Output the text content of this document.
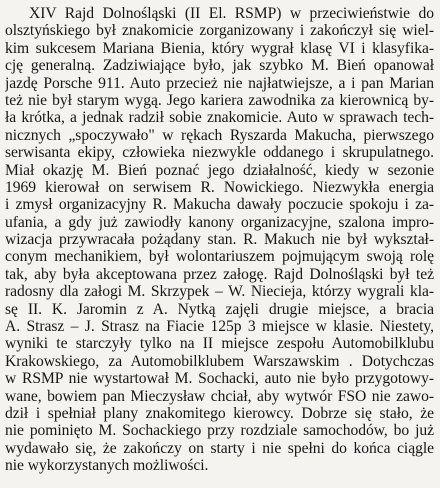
XIV Rajd Dolnośląski (II El. RSMP) w przeciwieństwie do
olsztyńskiego był znakomicie zorganizowany i zakończył się wiel-
kim sukcesem Mariana Bienia, który wygrał klasę VI i klasyfika-
cję generalną. Zadziwiające było, jak szybko M. Bień opanował
jazdę Porsche 911. Auto przecież nie najłatwiejsze, a i pan Marian
też nie był starym wygą. Jego kariera zawodnika za kierownicą by-
ła krótka, a jednak radził sobie znakomicie. Auto w sprawach tech-
nicznych „spoczywało" w rękach Ryszarda Makucha, pierwszego
serwisanta ekipy, człowieka niezwykle oddanego i skrupulatnego.
Miał okazję M. Bień poznać jego działalność, kiedy w sezonie
1969 kierował on serwisem R. Nowickiego. Niezwykła energia
i zmysł organizacyjny R. Makucha dawały poczucie spokoju i za-
ufania, a gdy już zawiodły kanony organizacyjne, szalona impro-
wizacja przywracała pożądany stan. R. Makuch nie był wykształ-
conym mechanikiem, był wolontariuszem pojmującym swoją rolę
tak, aby była akceptowana przez załogę. Rajd Dolnośląski był też
radosny dla załogi M. Skrzypek – W. Niecieja, którzy wygrali kla-
sę II. K. Jaromin z A. Nytką zajęli drugie miejsce, a bracia
A. Strasz – J. Strasz na Fiacie 125p 3 miejsce w klasie. Niestety,
wyniki te starczyły tylko na II miejsce zespołu Automobilklubu
Krakowskiego, za Automobilklubem Warszawskim . Dotychczas
w RSMP nie wystartował M. Sochacki, auto nie było przygotowy-
wane, bowiem pan Mieczysław chciał, aby wytwór FSO nie zawo-
dził i spełniał plany znakomitego kierowcy. Dobrze się stało, że
nie pominięto M. Sochackiego przy rozdziale samochodów, bo już
wydawało się, że zakończy on starty i nie spełni do końca ciągle
nie wykorzystanych możliwości.
